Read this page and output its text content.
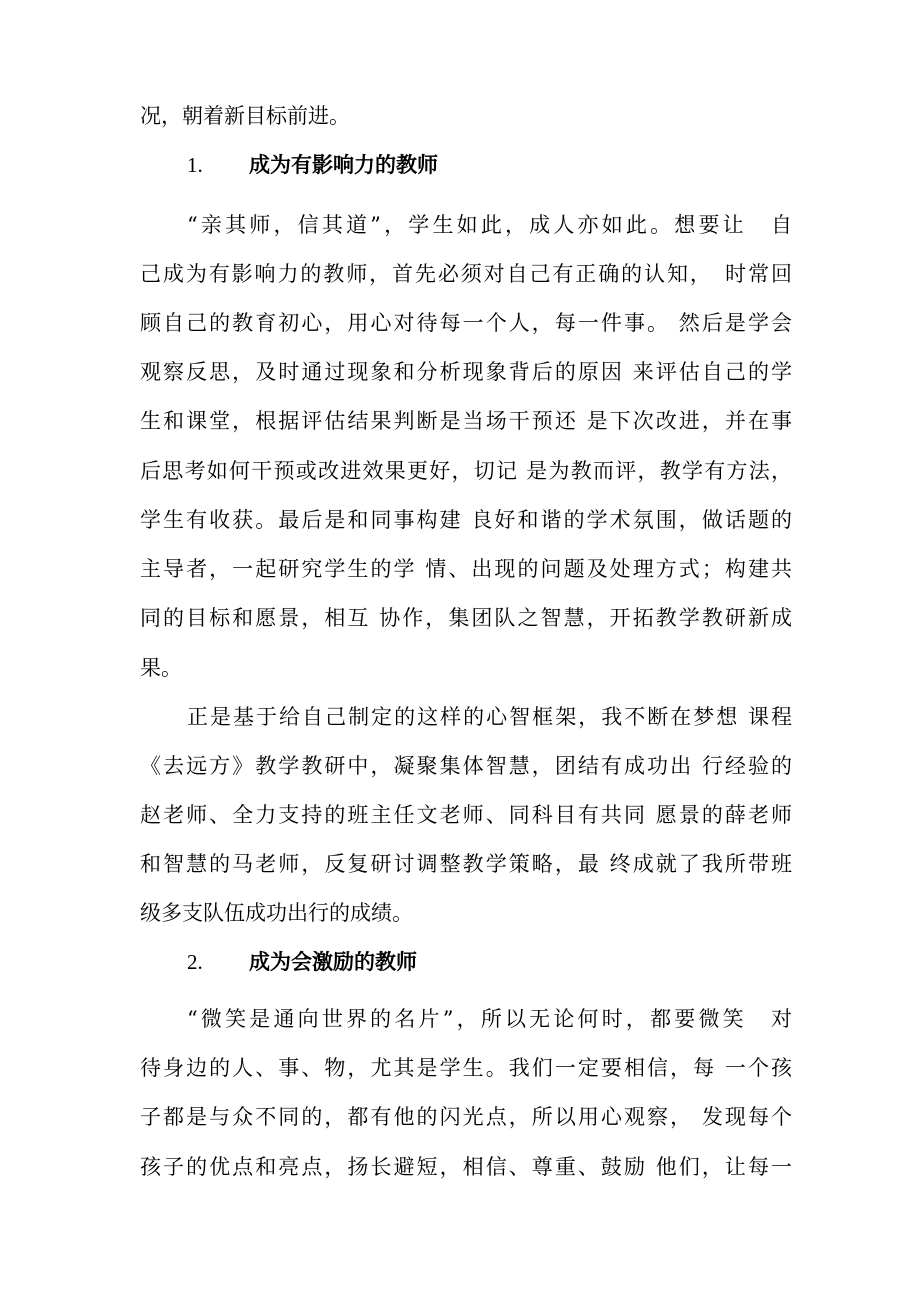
况，朝着新目标前进。
1. 成为有影响力的教师
“亲其师，信其道”，学生如此，成人亦如此。想要让　自
己成为有影响力的教师，首先必须对自己有正确的认知，　时常回
顾自己的教育初心，用心对待每一个人，每一件事。 然后是学会
观察反思，及时通过现象和分析现象背后的原因 来评估自己的学
生和课堂，根据评估结果判断是当场干预还 是下次改进，并在事
后思考如何干预或改进效果更好，切记 是为教而评，教学有方法，
学生有收获。最后是和同事构建 良好和谐的学术氛围，做话题的
主导者，一起研究学生的学 情、出现的问题及处理方式；构建共
同的目标和愿景，相互 协作，集团队之智慧，开拓教学教研新成
果。
正是基于给自己制定的这样的心智框架，我不断在梦想 课程
《去远方》教学教研中，凝聚集体智慧，团结有成功出 行经验的
赵老师、全力支持的班主任文老师、同科目有共同 愿景的薛老师
和智慧的马老师，反复研讨调整教学策略，最 终成就了我所带班
级多支队伍成功出行的成绩。
2. 成为会激励的教师
“微笑是通向世界的名片”，所以无论何时，都要微笑　对
待身边的人、事、物，尤其是学生。我们一定要相信，每 一个孩
子都是与众不同的，都有他的闪光点，所以用心观察， 发现每个
孩子的优点和亮点，扬长避短，相信、尊重、鼓励 他们，让每一
